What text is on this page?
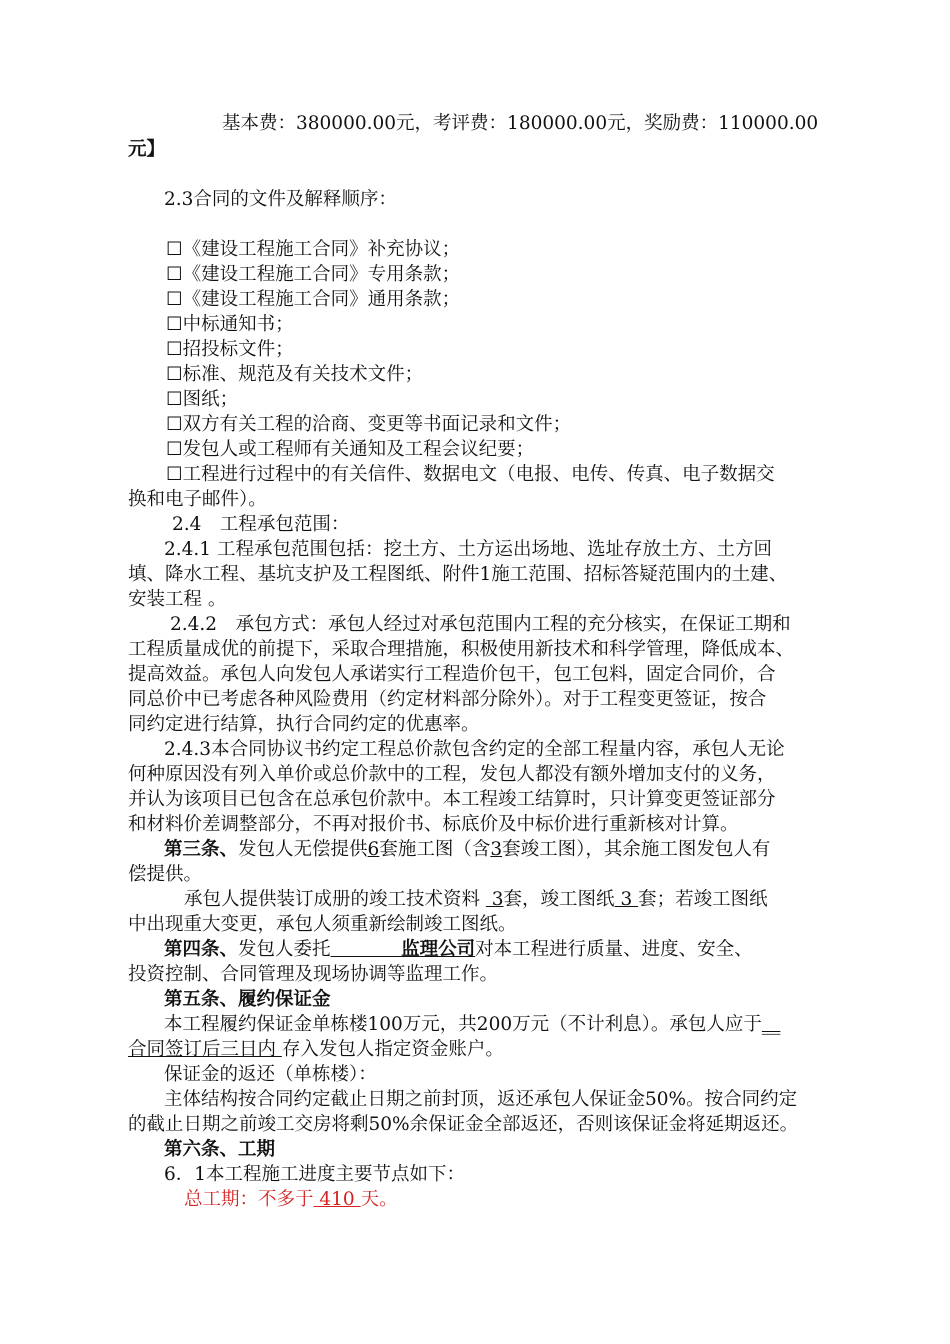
基本费：380000.00元，考评费：180000.00元，奖励费：110000.00
元】
2.3合同的文件及解释顺序：
☐《建设工程施工合同》补充协议；
☐《建设工程施工合同》专用条款；
☐《建设工程施工合同》通用条款；
☐中标通知书；
☐招投标文件；
☐标准、规范及有关技术文件；
☐图纸；
☐双方有关工程的洽商、变更等书面记录和文件；
☐发包人或工程师有关通知及工程会议纪要；
☐工程进行过程中的有关信件、数据电文（电报、电传、传真、电子数据交
换和电子邮件）。
2.4　工程承包范围：
2.4.1 工程承包范围包括：挖土方、土方运出场地、选址存放土方、土方回
填、降水工程、基坑支护及工程图纸、附件1施工范围、招标答疑范围内的土建、
安装工程 。
2.4.2　承包方式：承包人经过对承包范围内工程的充分核实，在保证工期和
工程质量成优的前提下，采取合理措施，积极使用新技术和科学管理，降低成本、
提高效益。承包人向发包人承诺实行工程造价包干，包工包料，固定合同价，合
同总价中已考虑各种风险费用（约定材料部分除外）。对于工程变更签证，按合
同约定进行结算，执行合同约定的优惠率。
2.4.3本合同协议书约定工程总价款包含约定的全部工程量内容，承包人无论
何种原因没有列入单价或总价款中的工程，发包人都没有额外增加支付的义务，
并认为该项目已包含在总承包价款中。本工程竣工结算时，只计算变更签证部分
和材料价差调整部分，不再对报价书、标底价及中标价进行重新核对计算。
第三条、发包人无偿提供6套施工图（含3套竣工图），其余施工图发包人有
偿提供。
承包人提供装订成册的竣工技术资料  3套，竣工图纸 3 套；若竣工图纸
中出现重大变更，承包人须重新绘制竣工图纸。
第四条、发包人委托	监理公司对本工程进行质量、进度、安全、
投资控制、合同管理及现场协调等监理工作。
第五条、履约保证金
本工程履约保证金单栋楼100万元，共200万元（不计利息）。承包人应于__
合同签订后三日内 存入发包人指定资金账户。
保证金的返还（单栋楼）：
主体结构按合同约定截止日期之前封顶，返还承包人保证金50%。按合同约定
的截止日期之前竣工交房将剩50%余保证金全部返还，否则该保证金将延期返还。
第六条、工期
6．1本工程施工进度主要节点如下：
总工期：不多于 410 天。
